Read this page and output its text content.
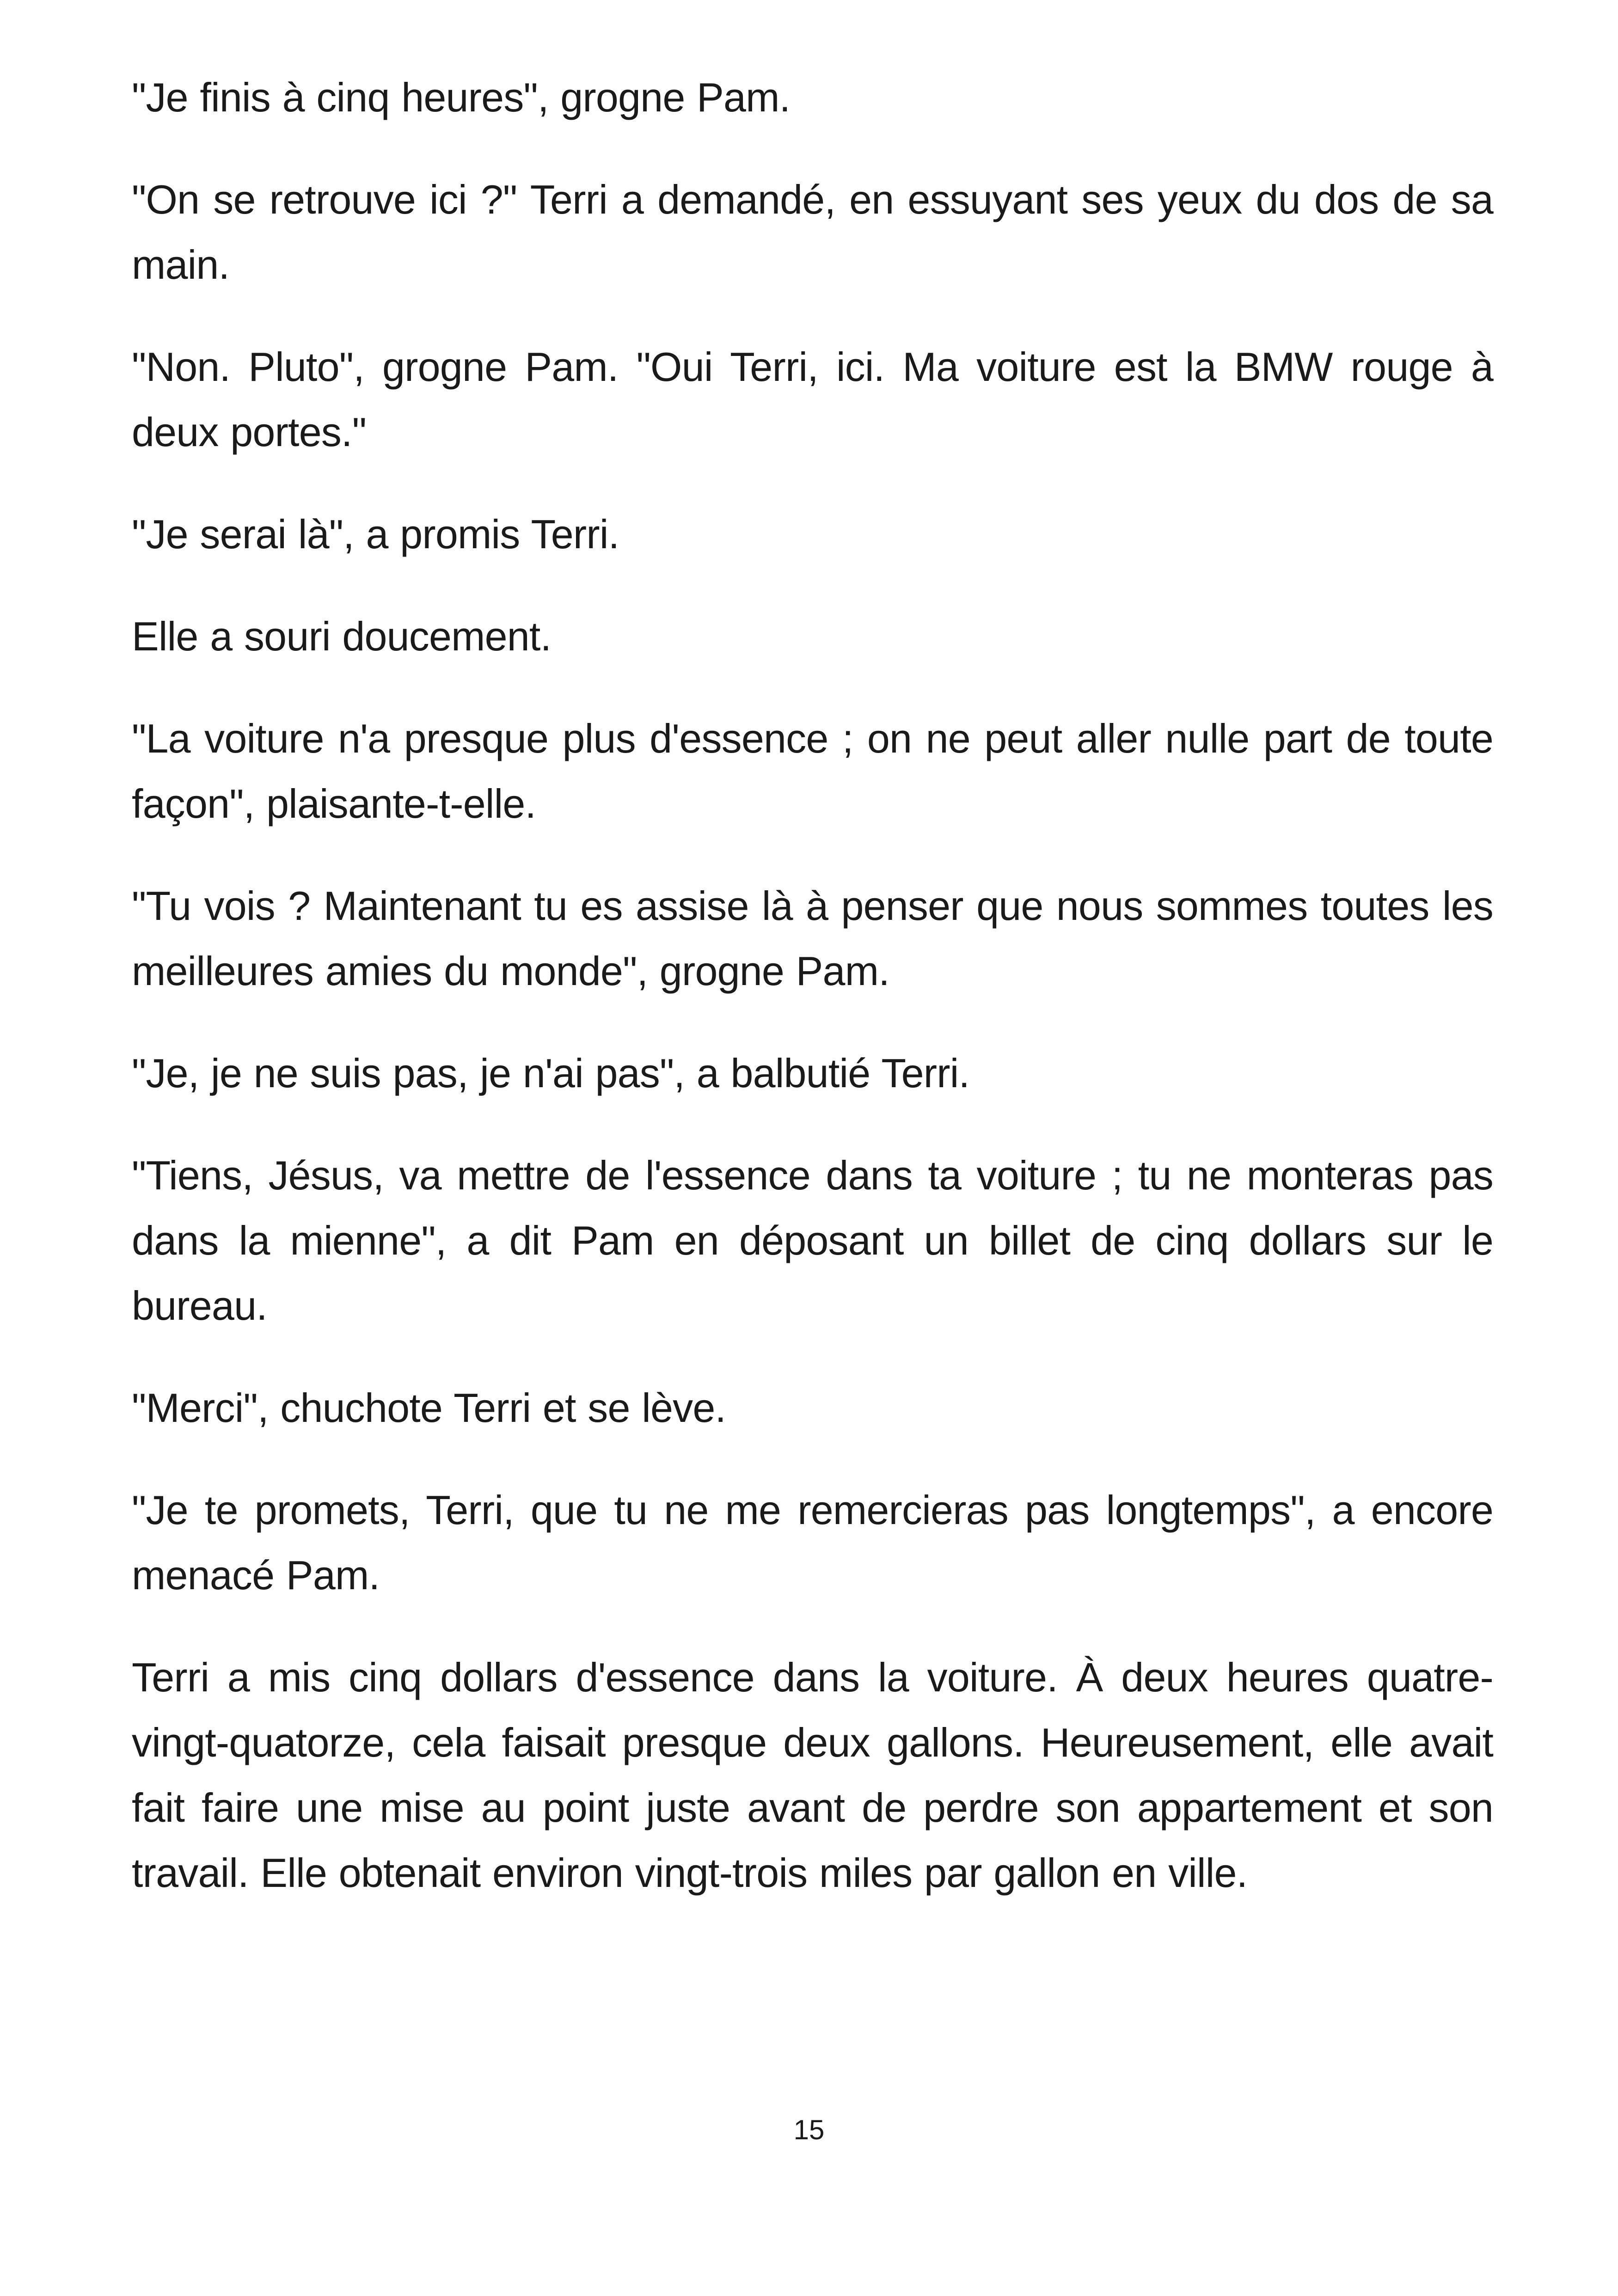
"Je finis à cinq heures", grogne Pam.

"On se retrouve ici ?" Terri a demandé, en essuyant ses yeux du dos de sa main.

"Non. Pluto", grogne Pam. "Oui Terri, ici. Ma voiture est la BMW rouge à deux portes."

"Je serai là", a promis Terri.

Elle a souri doucement.

"La voiture n'a presque plus d'essence ; on ne peut aller nulle part de toute façon", plaisante-t-elle.

"Tu vois ? Maintenant tu es assise là à penser que nous sommes toutes les meilleures amies du monde", grogne Pam.

"Je, je ne suis pas, je n'ai pas", a balbutié Terri.

"Tiens, Jésus, va mettre de l'essence dans ta voiture ; tu ne monteras pas dans la mienne", a dit Pam en déposant un billet de cinq dollars sur le bureau.

"Merci", chuchote Terri et se lève.

"Je te promets, Terri, que tu ne me remercieras pas longtemps", a encore menacé Pam.

Terri a mis cinq dollars d'essence dans la voiture. À deux heures quatre-vingt-quatorze, cela faisait presque deux gallons. Heureusement, elle avait fait faire une mise au point juste avant de perdre son appartement et son travail. Elle obtenait environ vingt-trois miles par gallon en ville.

15
